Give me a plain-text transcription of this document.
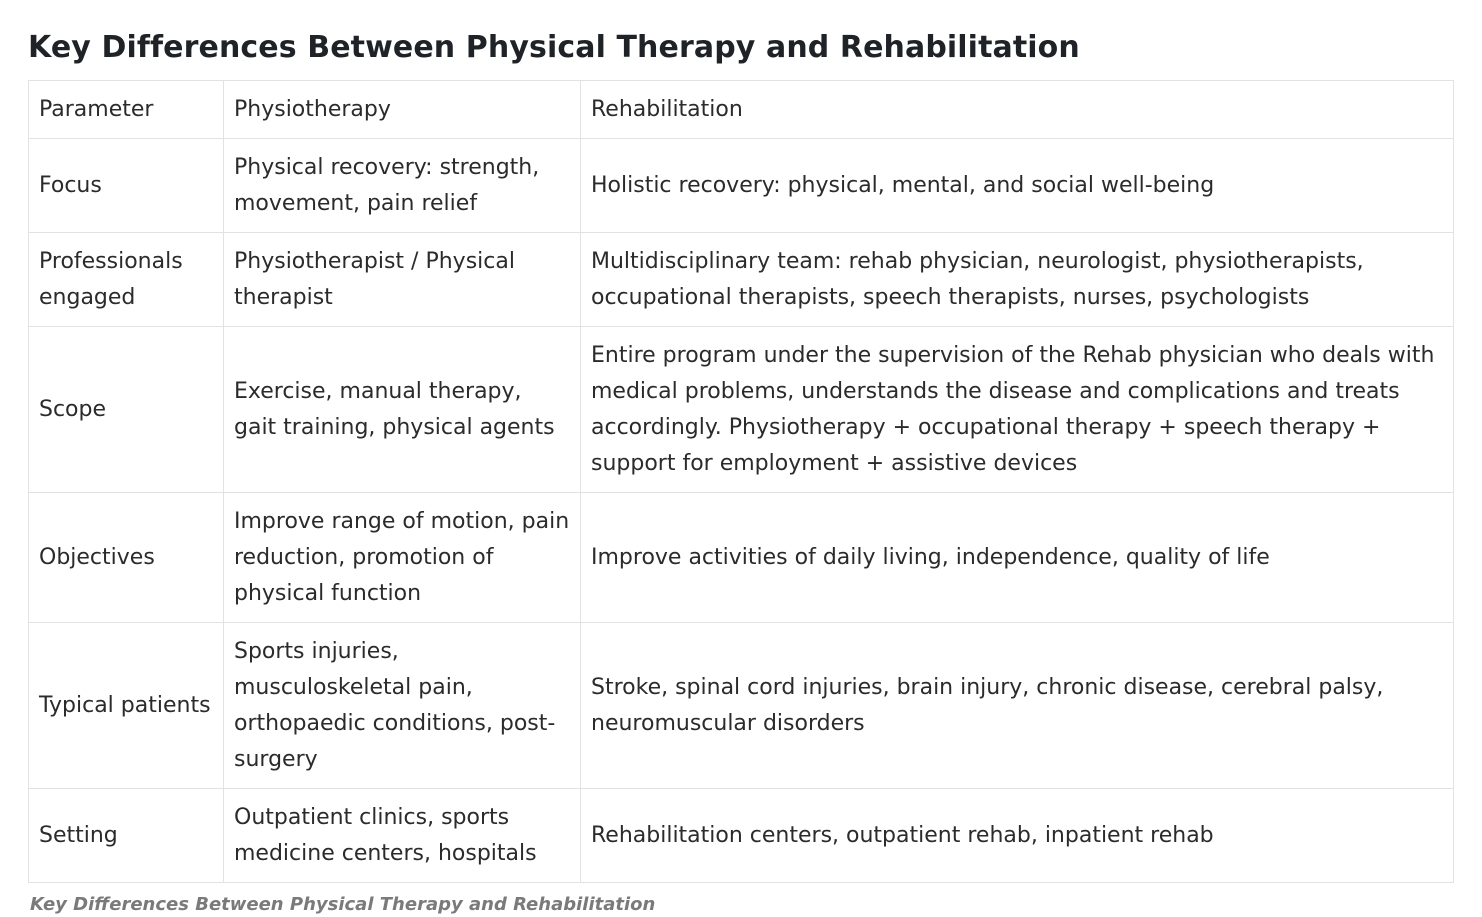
Key Differences Between Physical Therapy and Rehabilitation
Parameter	Physiotherapy	Rehabilitation
Focus	Physical recovery: strength, movement, pain relief	Holistic recovery: physical, mental, and social well-being
Professionals engaged	Physiotherapist / Physical therapist	Multidisciplinary team: rehab physician, neurologist, physiotherapists, occupational therapists, speech therapists, nurses, psychologists
Scope	Exercise, manual therapy, gait training, physical agents	Entire program under the supervision of the Rehab physician who deals with medical problems, understands the disease and complications and treats accordingly. Physiotherapy + occupational therapy + speech therapy + support for employment + assistive devices
Objectives	Improve range of motion, pain reduction, promotion of physical function	Improve activities of daily living, independence, quality of life
Typical patients	Sports injuries, musculoskeletal pain, orthopaedic conditions, post-surgery	Stroke, spinal cord injuries, brain injury, chronic disease, cerebral palsy, neuromuscular disorders
Setting	Outpatient clinics, sports medicine centers, hospitals	Rehabilitation centers, outpatient rehab, inpatient rehab
Key Differences Between Physical Therapy and Rehabilitation
